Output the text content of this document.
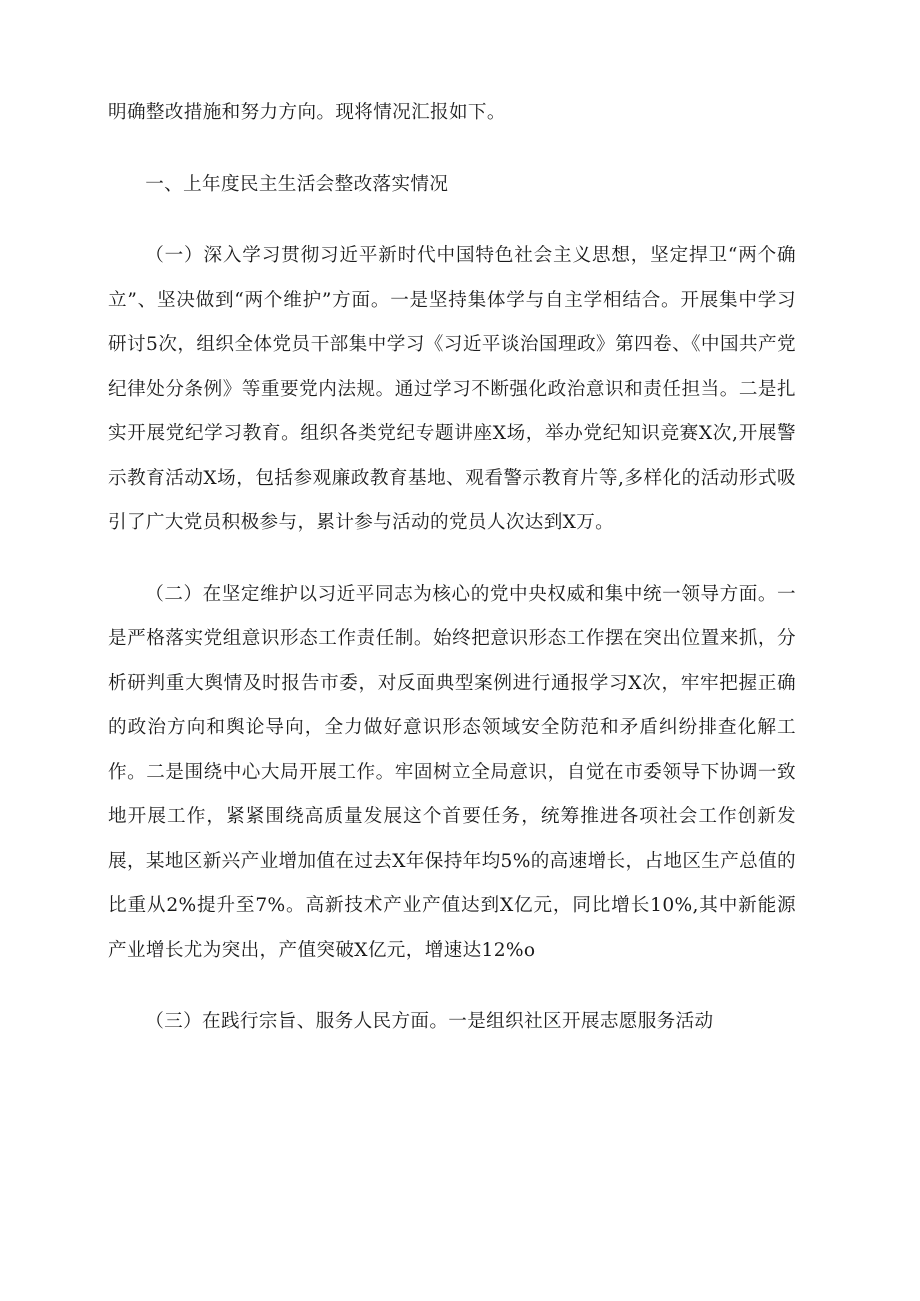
明确整改措施和努力方向。现将情况汇报如下。

一、上年度民主生活会整改落实情况

（一）深入学习贯彻习近平新时代中国特色社会主义思想，坚定捍卫“两个确立”、坚决做到“两个维护”方面。一是坚持集体学与自主学相结合。开展集中学习研讨5次，组织全体党员干部集中学习《习近平谈治国理政》第四卷、《中国共产党纪律处分条例》等重要党内法规。通过学习不断强化政治意识和责任担当。二是扎实开展党纪学习教育。组织各类党纪专题讲座X场，举办党纪知识竞赛X次,开展警示教育活动X场，包括参观廉政教育基地、观看警示教育片等,多样化的活动形式吸引了广大党员积极参与，累计参与活动的党员人次达到X万。

（二）在坚定维护以习近平同志为核心的党中央权威和集中统一领导方面。一是严格落实党组意识形态工作责任制。始终把意识形态工作摆在突出位置来抓，分析研判重大舆情及时报告市委，对反面典型案例进行通报学习X次，牢牢把握正确的政治方向和舆论导向，全力做好意识形态领域安全防范和矛盾纠纷排查化解工作。二是围绕中心大局开展工作。牢固树立全局意识，自觉在市委领导下协调一致地开展工作，紧紧围绕高质量发展这个首要任务，统筹推进各项社会工作创新发展，某地区新兴产业增加值在过去X年保持年均5%的高速增长，占地区生产总值的比重从2%提升至7%。高新技术产业产值达到X亿元，同比增长10%,其中新能源产业增长尤为突出，产值突破X亿元，增速达12%o

（三）在践行宗旨、服务人民方面。一是组织社区开展志愿服务活动
